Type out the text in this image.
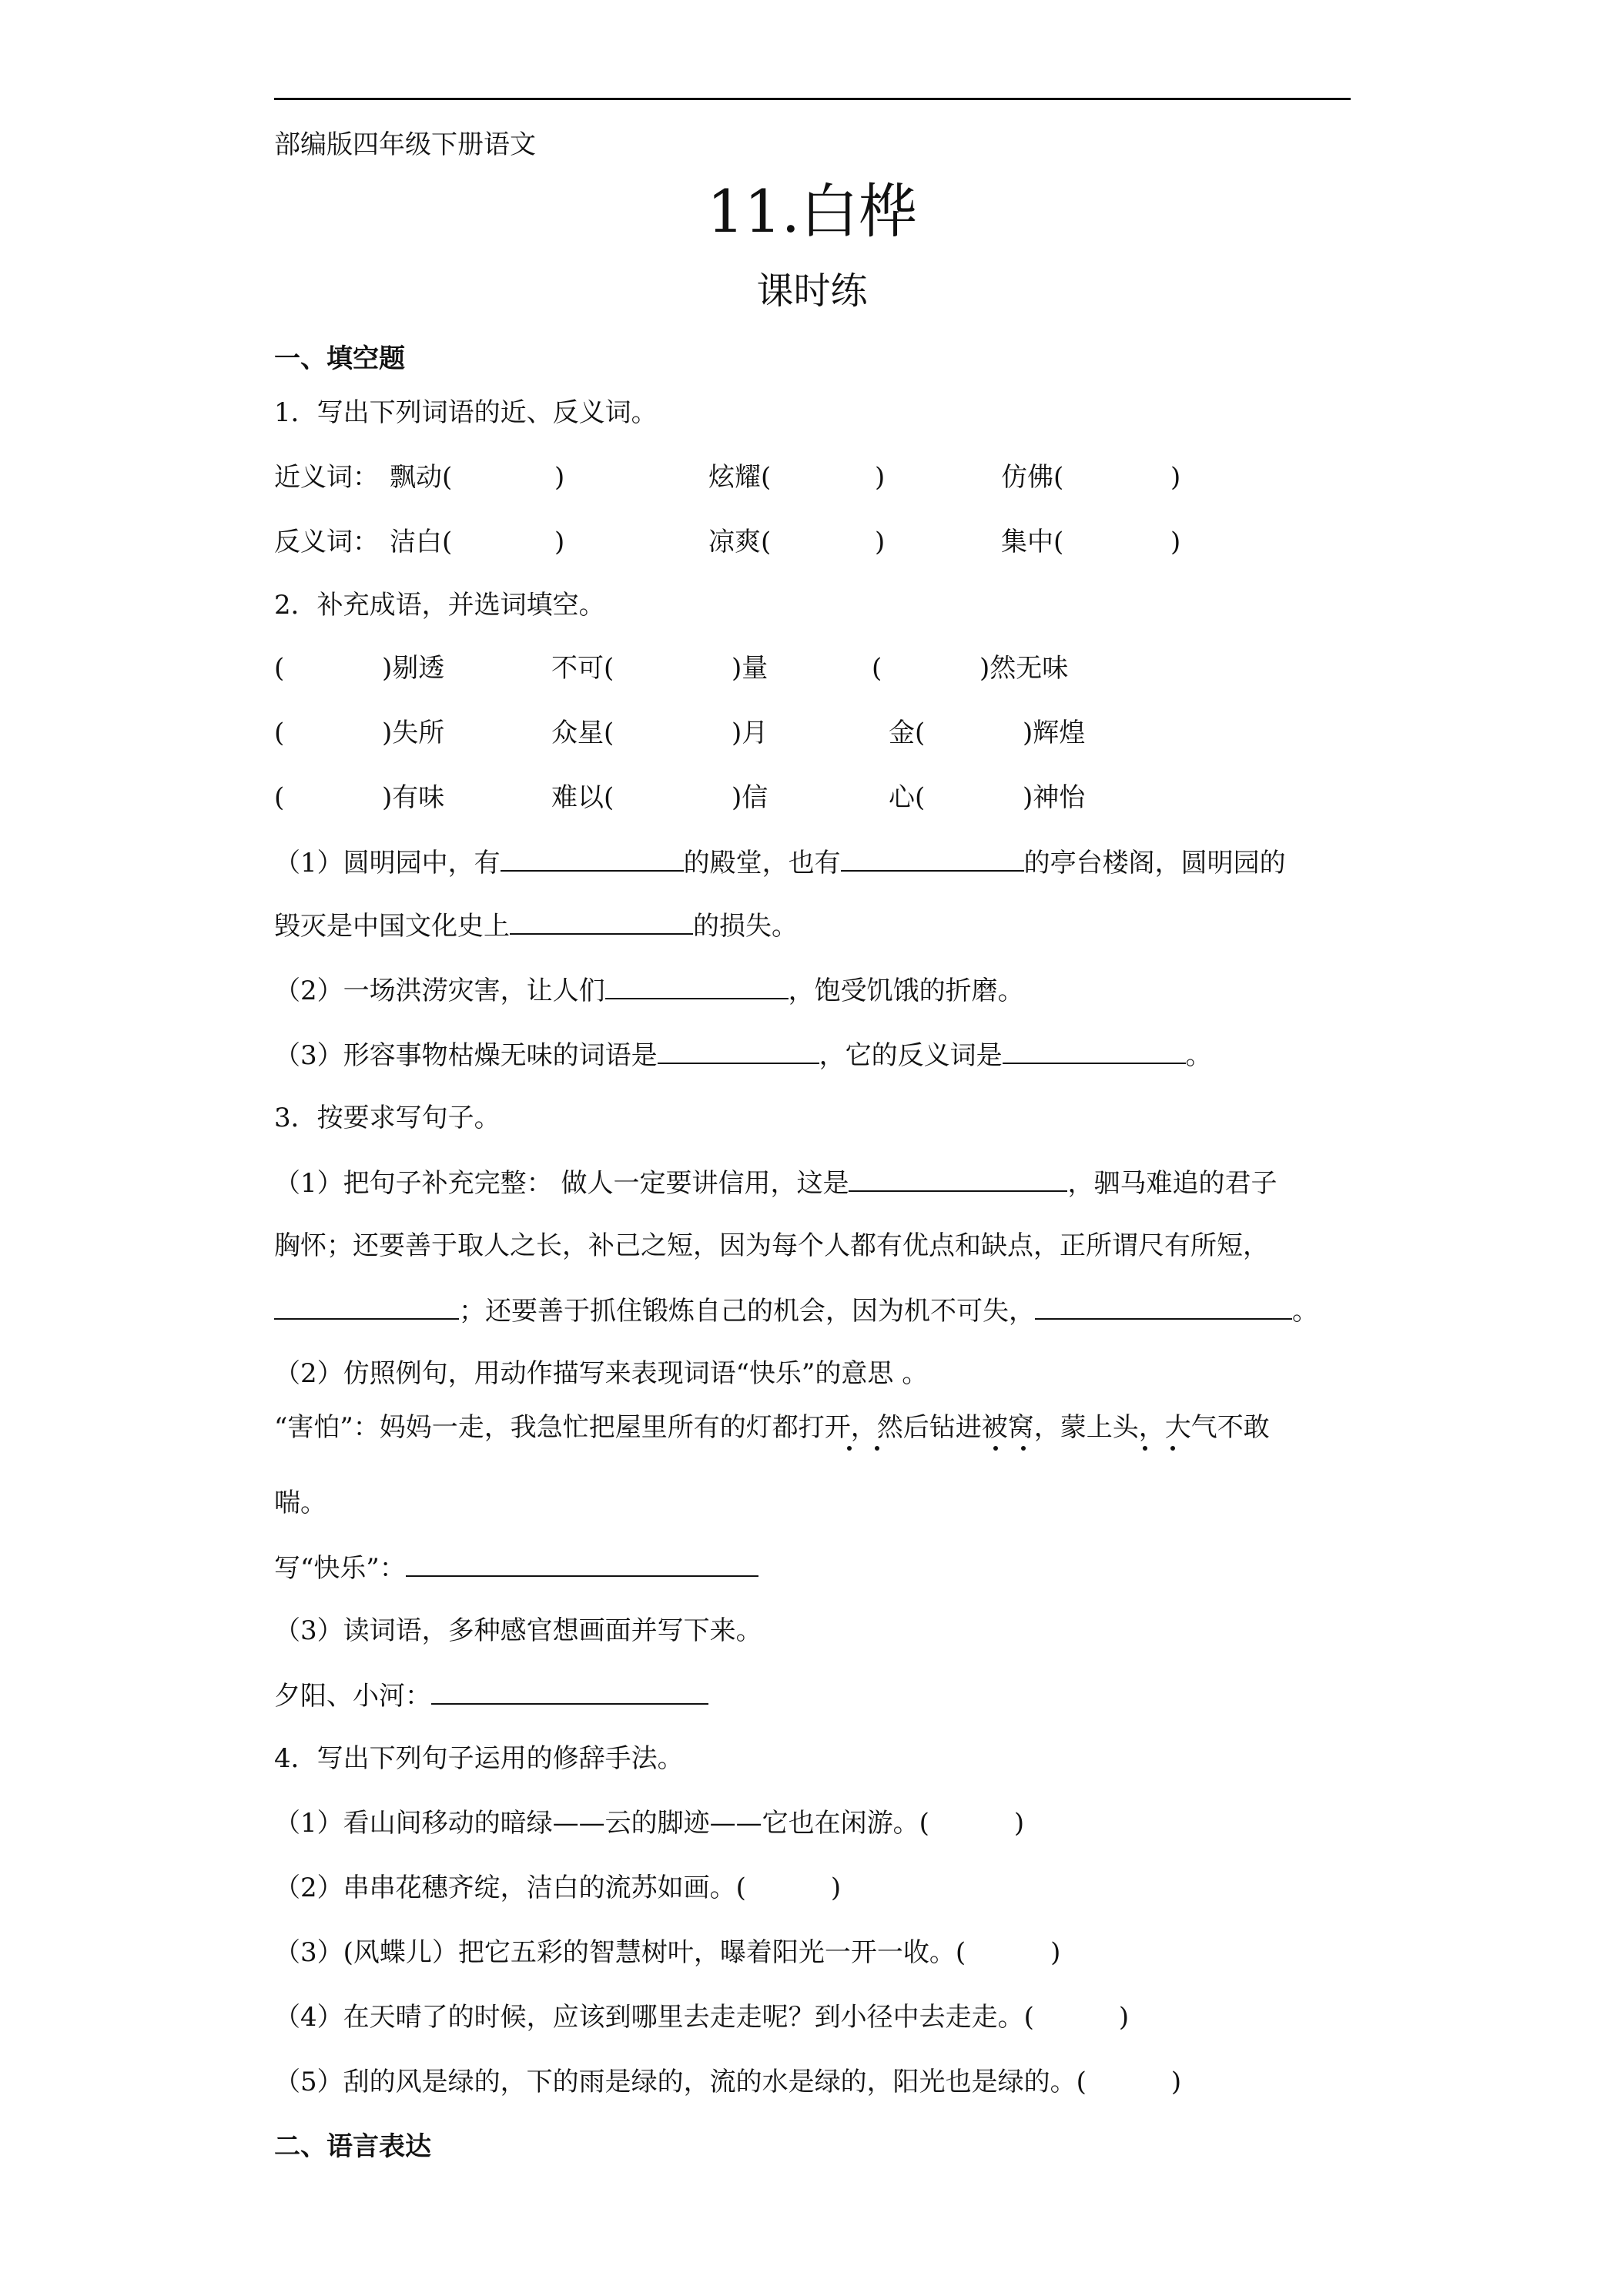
部编版四年级下册语文
11.白桦
课时练
一、填空题
1．写出下列词语的近、反义词。
近义词： 飘动(	)	炫耀(	)	仿佛(	)
反义词： 洁白(	)	凉爽(	)	集中(	)
2．补充成语，并选词填空。
(	)剔透	不可(	)量	(	)然无味
(	)失所	众星(	)月	金(	)辉煌
(	)有味	难以(	)信	心(	)神怡
（1）圆明园中，有	的殿堂，也有	的亭台楼阁，圆明园的
毁灭是中国文化史上	的损失。
（2）一场洪涝灾害，让人们	，饱受饥饿的折磨。
（3）形容事物枯燥无味的词语是	，它的反义词是	。
3．按要求写句子。
（1）把句子补充完整： 做人一定要讲信用，这是	，驷马难追的君子
胸怀；还要善于取人之长，补己之短，因为每个人都有优点和缺点，正所谓尺有所短，
；还要善于抓住锻炼自己的机会，因为机不可失，	。
（2）仿照例句，用动作描写来表现词语“快乐”的意思 。
“害怕”：妈妈一走，我急忙把屋里所有的灯都打开，然后钻进被窝，蒙上头，大气不敢
喘。
写“快乐”：
（3）读词语，多种感官想画面并写下来。
夕阳、小河：
4．写出下列句子运用的修辞手法。
（1）看山间移动的暗绿——云的脚迹——它也在闲游。(	)
（2）串串花穗齐绽，洁白的流苏如画。(	)
（3）(风蝶儿）把它五彩的智慧树叶，曝着阳光一开一收。(	)
（4）在天晴了的时候，应该到哪里去走走呢？到小径中去走走。(	)
（5）刮的风是绿的，下的雨是绿的，流的水是绿的，阳光也是绿的。(	)
二、语言表达
